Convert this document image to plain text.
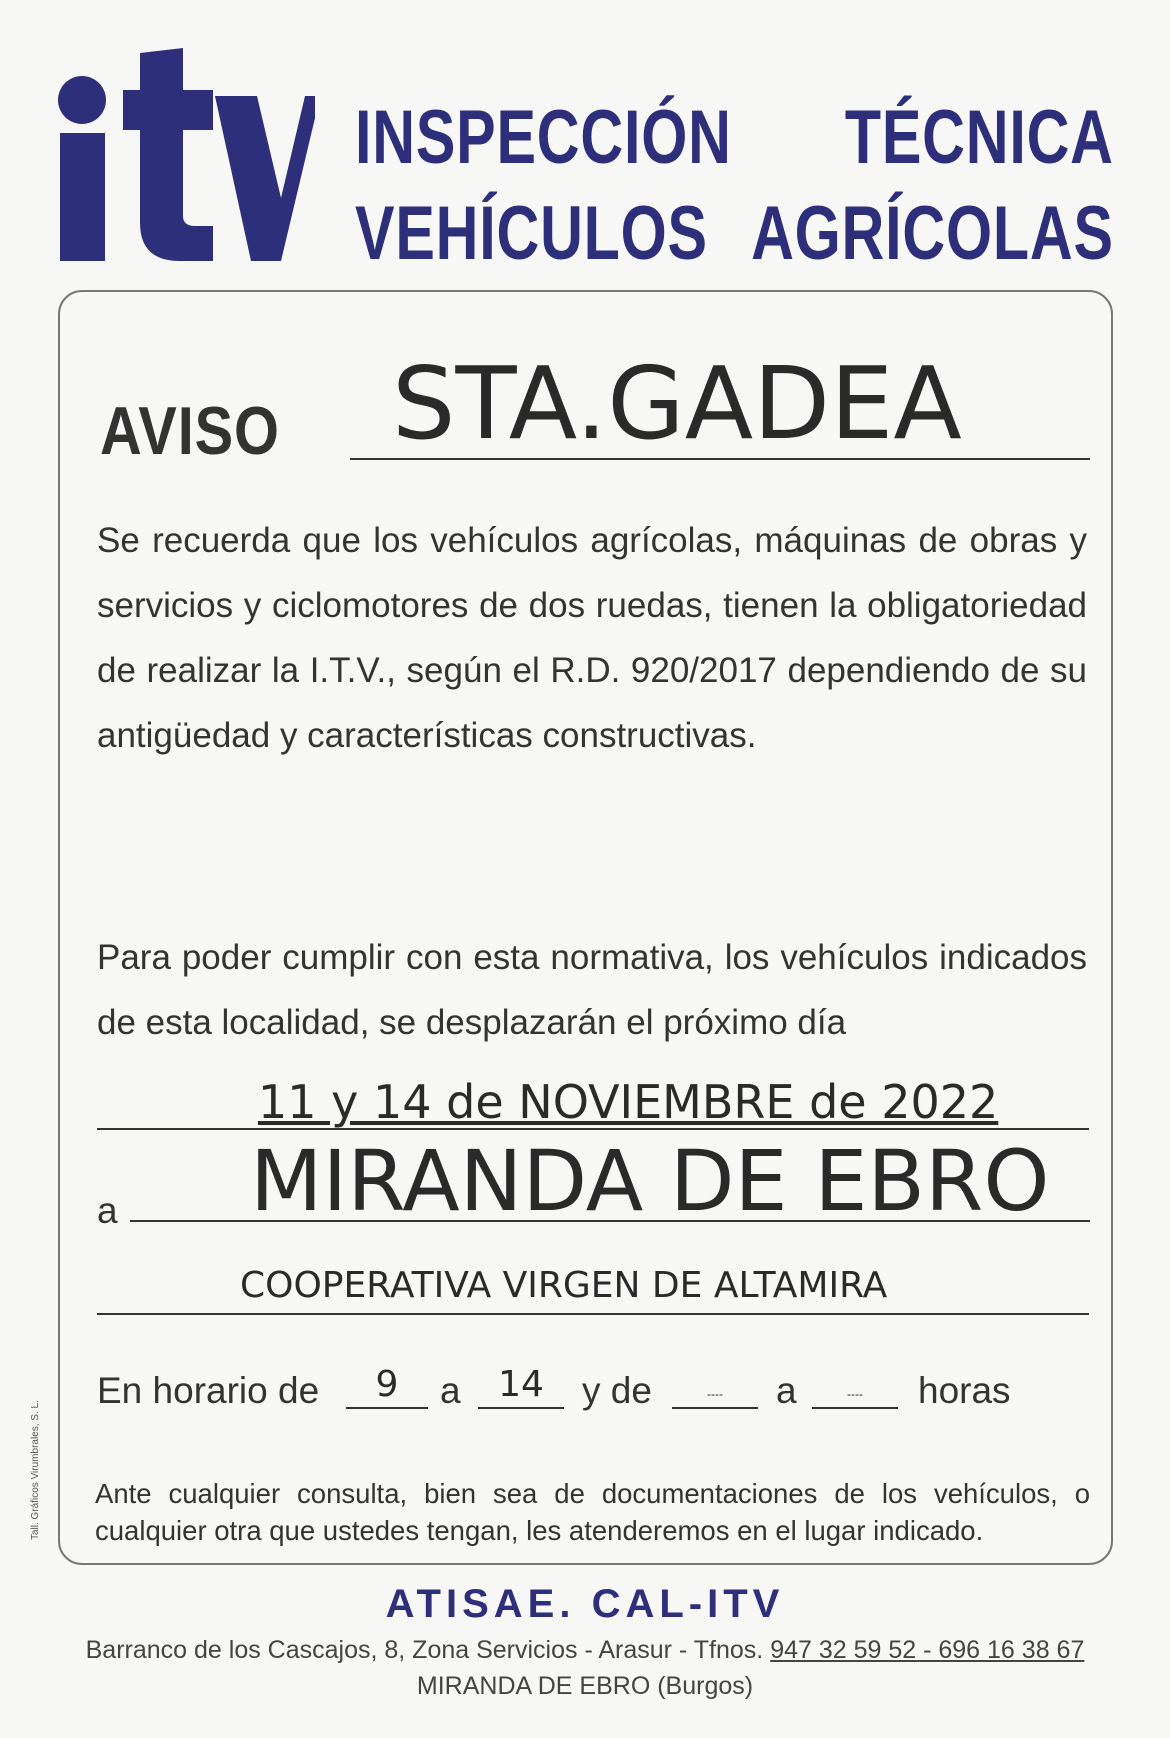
itv
INSPECCIÓN TÉCNICA
VEHÍCULOS AGRÍCOLAS
AVISO STA.GADEA
Se recuerda que los vehículos agrícolas, máquinas de obras y servicios y ciclomotores de dos ruedas, tienen la obligatoriedad de realizar la I.T.V., según el R.D. 920/2017 dependiendo de su antigüedad y características constructivas.
Para poder cumplir con esta normativa, los vehículos indicados de esta localidad, se desplazarán el próximo día
11 y 14 de NOVIEMBRE de 2022
a MIRANDA DE EBRO
COOPERATIVA VIRGEN DE ALTAMIRA
En horario de	9	a	14	y de	----	a	----	horas
Ante cualquier consulta, bien sea de documentaciones de los vehículos, o cualquier otra que ustedes tengan, les atenderemos en el lugar indicado.
Tall. Gráficos Virumbrales, S. L.
ATISAE. CAL-ITV
Barranco de los Cascajos, 8, Zona Servicios - Arasur - Tfnos. 947 32 59 52 - 696 16 38 67
MIRANDA DE EBRO (Burgos)
